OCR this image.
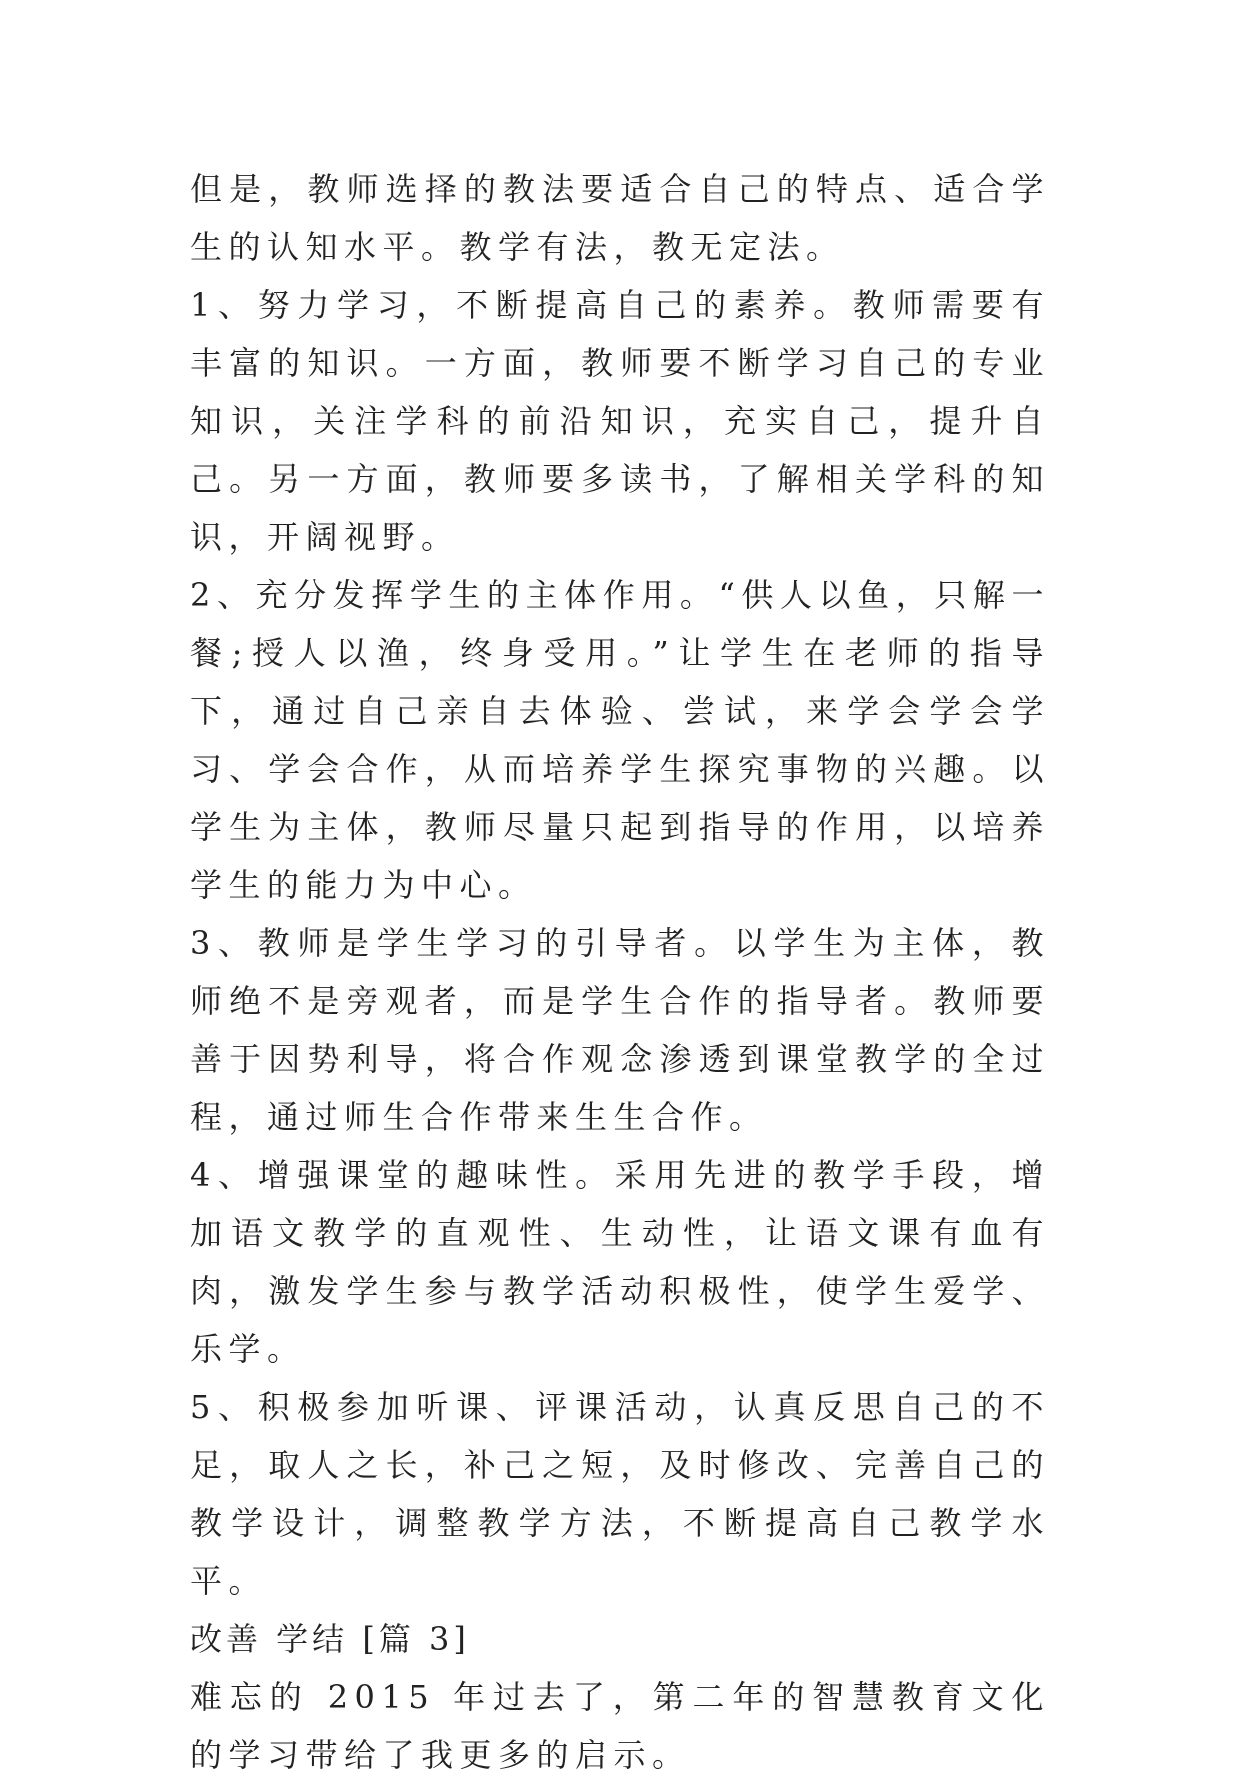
但是，教师选择的教法要适合自己的特点、适合学生的认知水平。教学有法，教无定法。

1、努力学习，不断提高自己的素养。教师需要有丰富的知识。一方面，教师要不断学习自己的专业知识，关注学科的前沿知识，充实自己，提升自己。另一方面，教师要多读书，了解相关学科的知识，开阔视野。

2、充分发挥学生的主体作用。“供人以鱼，只解一餐;授人以渔，终身受用。”让学生在老师的指导下，通过自己亲自去体验、尝试，来学会学会学习、学会合作，从而培养学生探究事物的兴趣。以学生为主体，教师尽量只起到指导的作用，以培养学生的能力为中心。

3、教师是学生学习的引导者。以学生为主体，教师绝不是旁观者，而是学生合作的指导者。教师要善于因势利导，将合作观念渗透到课堂教学的全过程，通过师生合作带来生生合作。

4、增强课堂的趣味性。采用先进的教学手段，增加语文教学的直观性、生动性，让语文课有血有肉，激发学生参与教学活动积极性，使学生爱学、乐学。

5、积极参加听课、评课活动，认真反思自己的不足，取人之长，补己之短，及时修改、完善自己的教学设计，调整教学方法，不断提高自己教学水平。

改善 学结 [篇 3]

难忘的 2015 年过去了，第二年的智慧教育文化的学习带给了我更多的启示。
